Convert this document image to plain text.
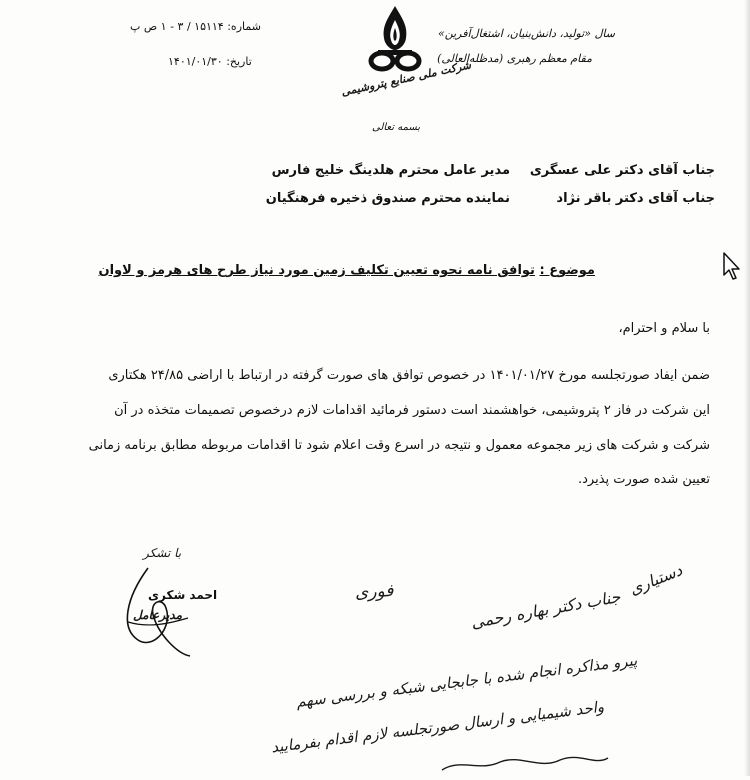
سال «تولید، دانش‌بنیان، اشتغال‌آفرین»
مقام معظم رهبری (مدظله‌العالی)
شرکت ملی صنایع پتروشیمی
شماره: ۱۵۱۱۴ / ۳ - ۱ ص پ
تاریخ: ۱۴۰۱/۰۱/۳۰
بسمه تعالی
جناب آقای دکتر علی عسگری
مدیر عامل محترم هلدینگ خلیج فارس
جناب آقای دکتر باقر نژاد
نماینده محترم صندوق ذخیره فرهنگیان
موضوع : توافق نامه نحوه تعیین تکلیف زمین مورد نیاز طرح های هرمز و لاوان
با سلام و احترام،
ضمن ایفاد صورتجلسه مورخ ۱۴۰۱/۰۱/۲۷ در خصوص توافق های صورت گرفته در ارتباط با اراضی ۲۴/۸۵ هکتاری
این شرکت در فاز ۲ پتروشیمی، خواهشمند است دستور فرمائید اقدامات لازم درخصوص تصمیمات متخذه در آن
شرکت و شرکت های زیر مجموعه معمول و نتیجه در اسرع وقت اعلام شود تا اقدامات مربوطه مطابق برنامه زمانی
تعیین شده صورت پذیرد.
با تشکر
احمد شکری
مدیرعامل
فوری	دستیاری
جناب دکتر بهاره رحمی
پیرو مذاکره انجام شده با جابجایی شبکه و بررسی سهم
واحد شیمیایی و ارسال صورتجلسه لازم اقدام بفرمایید
